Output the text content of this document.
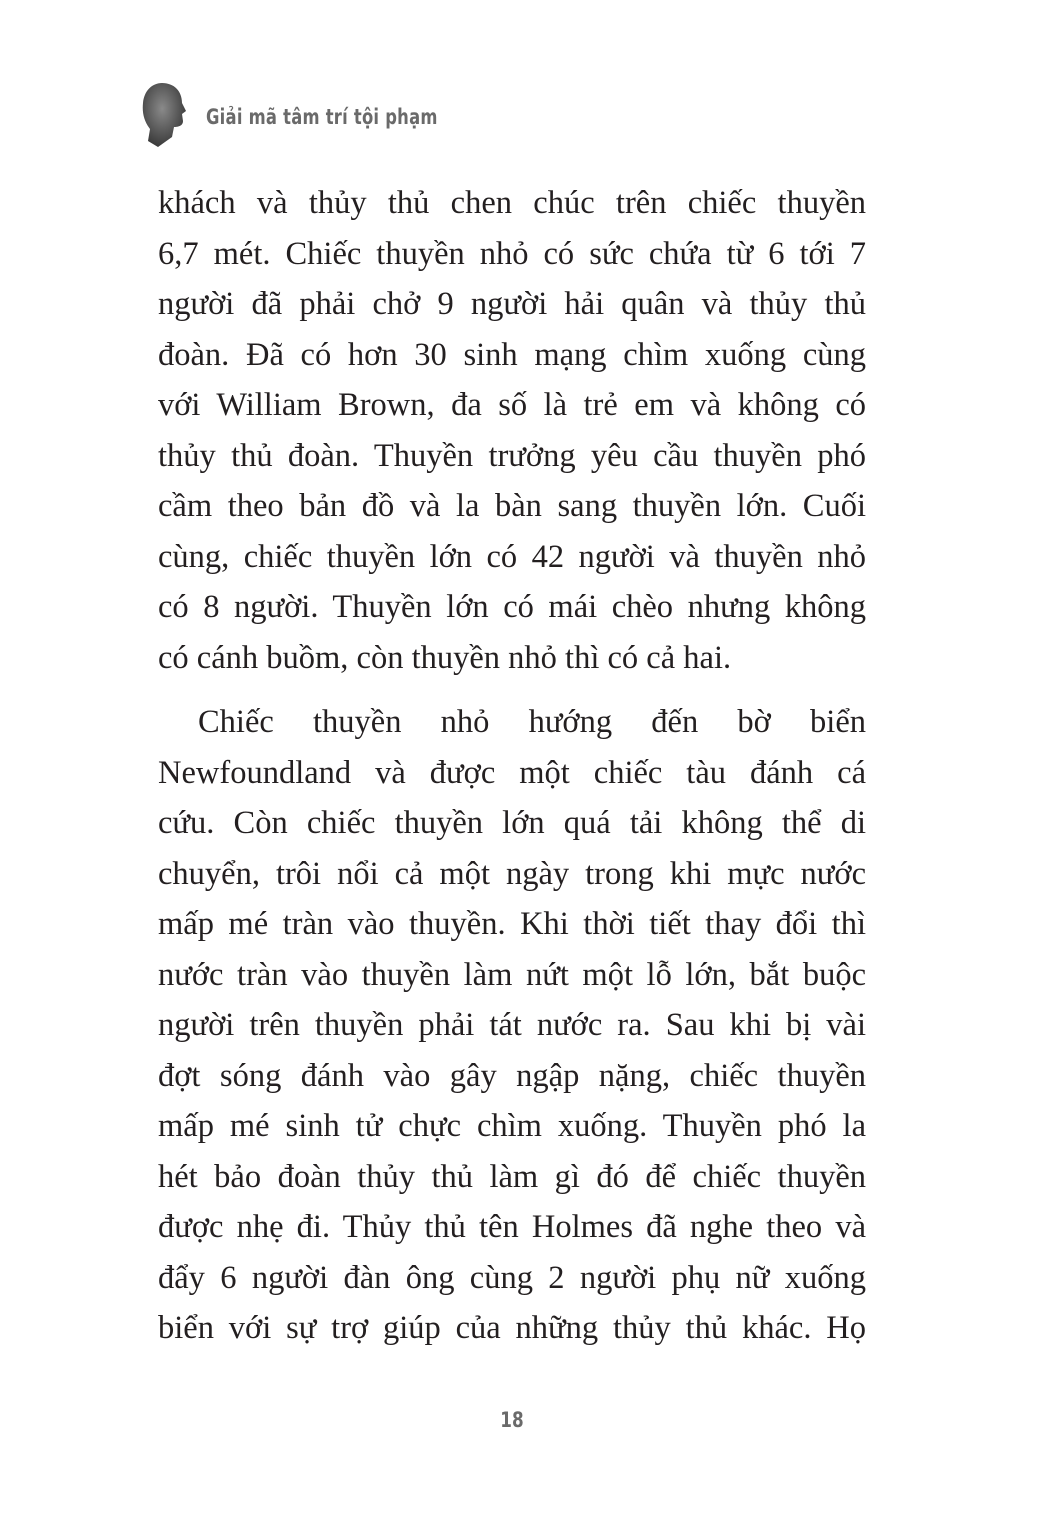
Giải mã tâm trí tội phạm
khách và thủy thủ chen chúc trên chiếc thuyền
6,7 mét. Chiếc thuyền nhỏ có sức chứa từ 6 tới 7
người đã phải chở 9 người hải quân và thủy thủ
đoàn. Đã có hơn 30 sinh mạng chìm xuống cùng
với William Brown, đa số là trẻ em và không có
thủy thủ đoàn. Thuyền trưởng yêu cầu thuyền phó
cầm theo bản đồ và la bàn sang thuyền lớn. Cuối
cùng, chiếc thuyền lớn có 42 người và thuyền nhỏ
có 8 người. Thuyền lớn có mái chèo nhưng không
có cánh buồm, còn thuyền nhỏ thì có cả hai.
Chiếc thuyền nhỏ hướng đến bờ biển
Newfoundland và được một chiếc tàu đánh cá
cứu. Còn chiếc thuyền lớn quá tải không thể di
chuyển, trôi nổi cả một ngày trong khi mực nước
mấp mé tràn vào thuyền. Khi thời tiết thay đổi thì
nước tràn vào thuyền làm nứt một lỗ lớn, bắt buộc
người trên thuyền phải tát nước ra. Sau khi bị vài
đợt sóng đánh vào gây ngập nặng, chiếc thuyền
mấp mé sinh tử chực chìm xuống. Thuyền phó la
hét bảo đoàn thủy thủ làm gì đó để chiếc thuyền
được nhẹ đi. Thủy thủ tên Holmes đã nghe theo và
đẩy 6 người đàn ông cùng 2 người phụ nữ xuống
biển với sự trợ giúp của những thủy thủ khác. Họ
18
